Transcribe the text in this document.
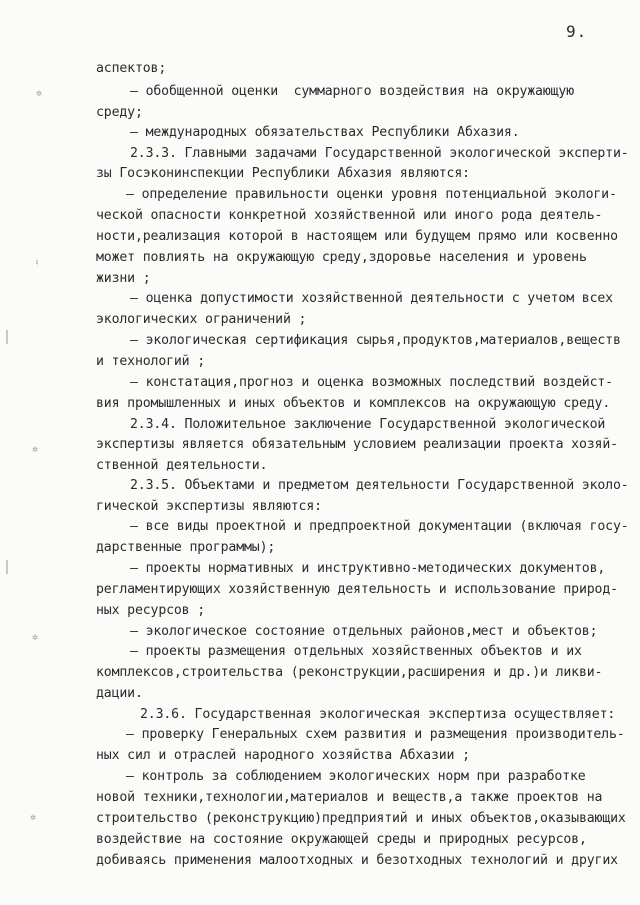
9.
аспектов;
– обобщенной оценки  суммарного воздействия на окружающую
среду;
– международных обязательствах Республики Абхазия.
2.3.3. Главными задачами Государственной экологической эксперти-
зы Госэконинспекции Республики Абхазия являются:
– определение правильности оценки уровня потенциальной экологи-
ческой опасности конкретной хозяйственной или иного рода деятель-
ности,реализация которой в настоящем или будущем прямо или косвенно
может повлиять на окружающую среду,здоровье населения и уровень
жизни ;
– оценка допустимости хозяйственной деятельности с учетом всех
экологических ограничений ;
– экологическая сертификация сырья,продуктов,материалов,веществ
и технологий ;
– констатация,прогноз и оценка возможных последствий воздейст-
вия промышленных и иных объектов и комплексов на окружающую среду.
2.3.4. Положительное заключение Государственной экологической
экспертизы является обязательным условием реализации проекта хозяй-
ственной деятельности.
2.3.5. Объектами и предметом деятельности Государственной эколо-
гической экспертизы являются:
– все виды проектной и предпроектной документации (включая госу-
дарственные программы);
– проекты нормативных и инструктивно-методических документов,
регламентирующих хозяйственную деятельность и использование природ-
ных ресурсов ;
– экологическое состояние отдельных районов,мест и объектов;
– проекты размещения отдельных хозяйственных объектов и их
комплексов,строительства (реконструкции,расширения и др.)и ликви-
дации.
2.3.6. Государственная экологическая экспертиза осуществляет:
– проверку Генеральных схем развития и размещения производитель-
ных сил и отраслей народного хозяйства Абхазии ;
– контроль за соблюдением экологических норм при разработке
новой техники,технологии,материалов и веществ,а также проектов на
строительство (реконструкцию)предприятий и иных объектов,оказывающих
воздействие на состояние окружающей среды и природных ресурсов,
добиваясь применения малоотходных и безотходных технологий и других
✲
♮
✲
✲
✲
